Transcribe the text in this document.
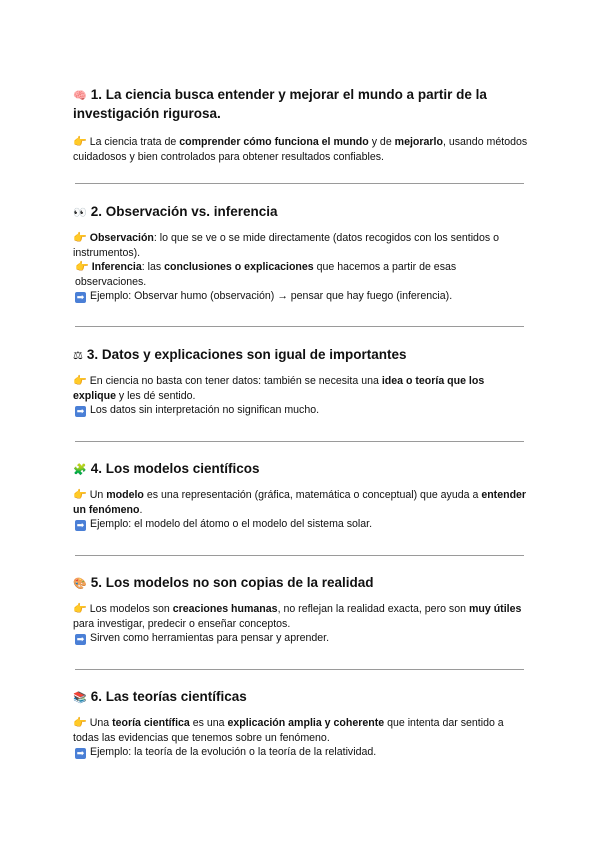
🧠 1. La ciencia busca entender y mejorar el mundo a partir de la investigación rigurosa.

👉 La ciencia trata de comprender cómo funciona el mundo y de mejorarlo, usando métodos cuidadosos y bien controlados para obtener resultados confiables.

👀 2. Observación vs. inferencia

👉 Observación: lo que se ve o se mide directamente (datos recogidos con los sentidos o instrumentos).

👉 Inferencia: las conclusiones o explicaciones que hacemos a partir de esas observaciones.

➡ Ejemplo: Observar humo (observación) → pensar que hay fuego (inferencia).

⚖ 3. Datos y explicaciones son igual de importantes

👉 En ciencia no basta con tener datos: también se necesita una idea o teoría que los explique y les dé sentido.

➡ Los datos sin interpretación no significan mucho.

🧩 4. Los modelos científicos

👉 Un modelo es una representación (gráfica, matemática o conceptual) que ayuda a entender un fenómeno.

➡ Ejemplo: el modelo del átomo o el modelo del sistema solar.

🎨 5. Los modelos no son copias de la realidad

👉 Los modelos son creaciones humanas, no reflejan la realidad exacta, pero son muy útiles para investigar, predecir o enseñar conceptos.

➡ Sirven como herramientas para pensar y aprender.

📚 6. Las teorías científicas

👉 Una teoría científica es una explicación amplia y coherente que intenta dar sentido a todas las evidencias que tenemos sobre un fenómeno.

➡ Ejemplo: la teoría de la evolución o la teoría de la relatividad.
